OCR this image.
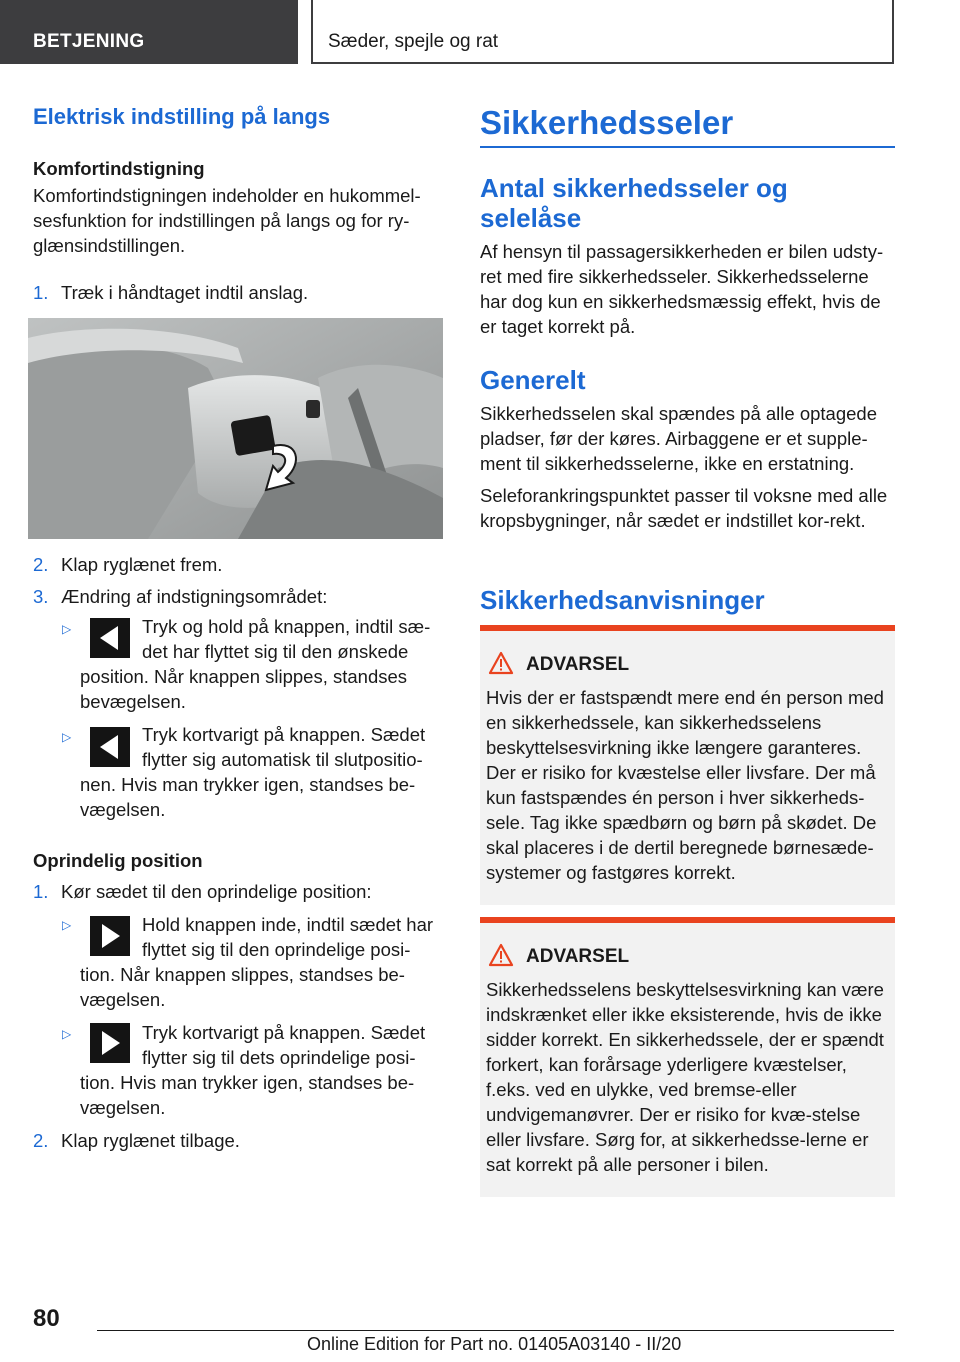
BETJENING	Sæder, spejle og rat
Elektrisk indstilling på langs
Komfortindstigning

Komfortindstigningen indeholder en hukommel-sesfunktion for indstillingen på langs og for ry-glænsindstillingen.

1. Træk i håndtaget indtil anslag.
2. Klap ryglænet frem.
3. Ændring af indstigningsområdet:
▷	Tryk og hold på knappen, indtil sæ-
det har flyttet sig til den ønskede
position. Når knappen slippes, standses bevægelsen.
▷	Tryk kortvarigt på knappen. Sædet
flytter sig automatisk til slutpositio-
nen. Hvis man trykker igen, standses be-vægelsen.
Oprindelig position
1. Kør sædet til den oprindelige position:
▷	Hold knappen inde, indtil sædet har
flyttet sig til den oprindelige posi-
tion. Når knappen slippes, standses be-vægelsen.
▷	Tryk kortvarigt på knappen. Sædet
flytter sig til dets oprindelige posi-
tion. Hvis man trykker igen, standses be-vægelsen.
2. Klap ryglænet tilbage.
Sikkerhedsseler
Antal sikkerhedsseler og selelåse
Af hensyn til passagersikkerheden er bilen udsty-ret med fire sikkerhedsseler. Sikkerhedsselerne har dog kun en sikkerhedsmæssig effekt, hvis de er taget korrekt på.
Generelt
Sikkerhedsselen skal spændes på alle optagede pladser, før der køres. Airbaggene er et supple-ment til sikkerhedsselerne, ikke en erstatning.
Seleforankringspunktet passer til voksne med alle kropsbygninger, når sædet er indstillet kor-rekt.
Sikkerhedsanvisninger
ADVARSEL
Hvis der er fastspændt mere end én person med en sikkerhedssele, kan sikkerhedsselens beskyttelsesvirkning ikke længere garanteres. Der er risiko for kvæstelse eller livsfare. Der må kun fastspændes én person i hver sikkerheds-sele. Tag ikke spædbørn og børn på skødet. De skal placeres i de dertil beregnede børnesæde-systemer og fastgøres korrekt.
ADVARSEL
Sikkerhedsselens beskyttelsesvirkning kan være indskrænket eller ikke eksisterende, hvis de ikke sidder korrekt. En sikkerhedssele, der er spændt forkert, kan forårsage yderligere kvæstelser, f.eks. ved en ulykke, ved bremse-eller undvigemanøvrer. Der er risiko for kvæ-stelse eller livsfare. Sørg for, at sikkerhedsse-lerne er sat korrekt på alle personer i bilen.
80
Online Edition for Part no. 01405A03140 - II/20
